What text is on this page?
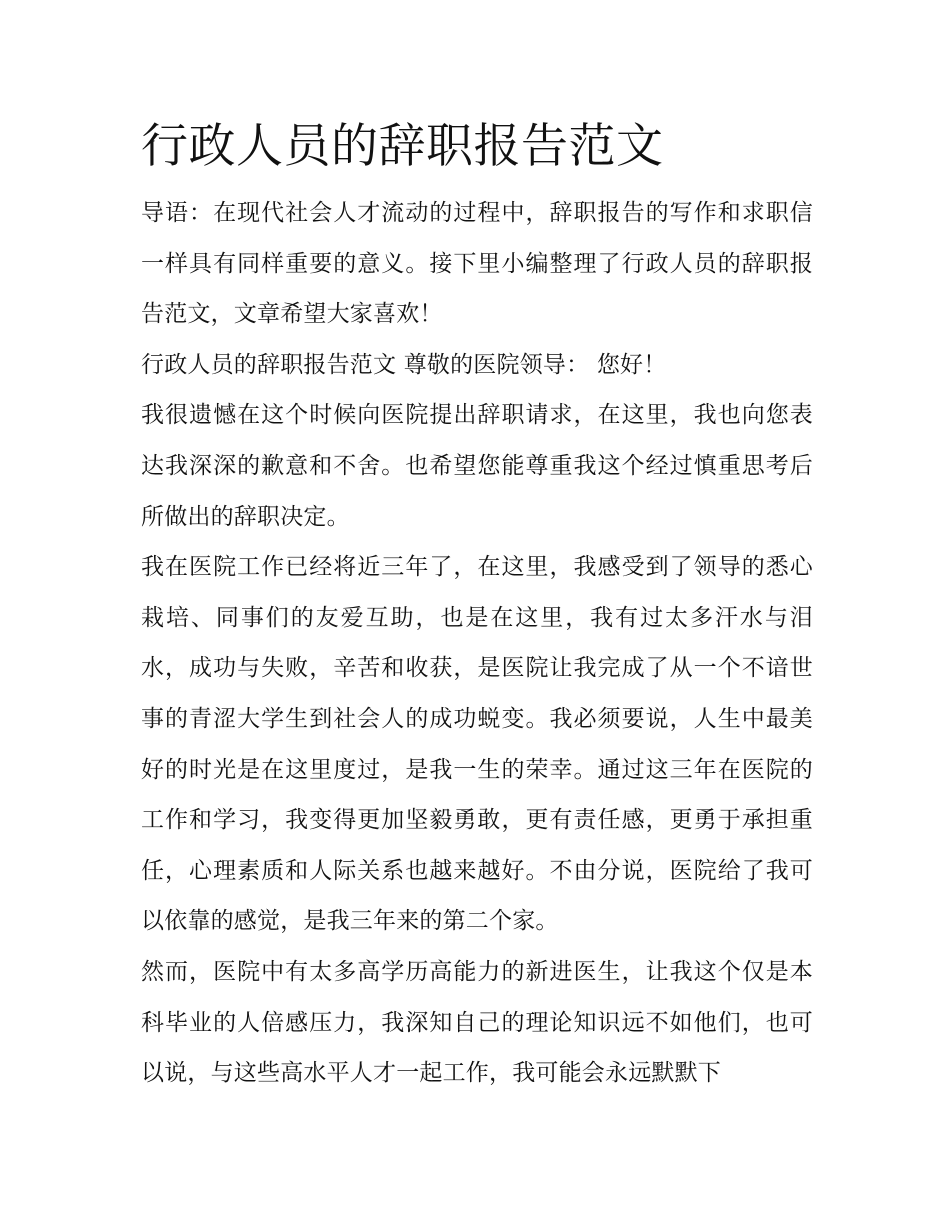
行政人员的辞职报告范文

导语：在现代社会人才流动的过程中，辞职报告的写作和求职信一样具有同样重要的意义。接下里小编整理了行政人员的辞职报告范文，文章希望大家喜欢！

行政人员的辞职报告范文 尊敬的医院领导： 您好！

我很遗憾在这个时候向医院提出辞职请求，在这里，我也向您表达我深深的歉意和不舍。也希望您能尊重我这个经过慎重思考后所做出的辞职决定。

我在医院工作已经将近三年了，在这里，我感受到了领导的悉心栽培、同事们的友爱互助，也是在这里，我有过太多汗水与泪水，成功与失败，辛苦和收获，是医院让我完成了从一个不谙世事的青涩大学生到社会人的成功蜕变。我必须要说，人生中最美好的时光是在这里度过，是我一生的荣幸。通过这三年在医院的工作和学习，我变得更加坚毅勇敢，更有责任感，更勇于承担重任，心理素质和人际关系也越来越好。不由分说，医院给了我可以依靠的感觉，是我三年来的第二个家。

然而，医院中有太多高学历高能力的新进医生，让我这个仅是本科毕业的人倍感压力，我深知自己的理论知识远不如他们，也可以说，与这些高水平人才一起工作，我可能会永远默默下
